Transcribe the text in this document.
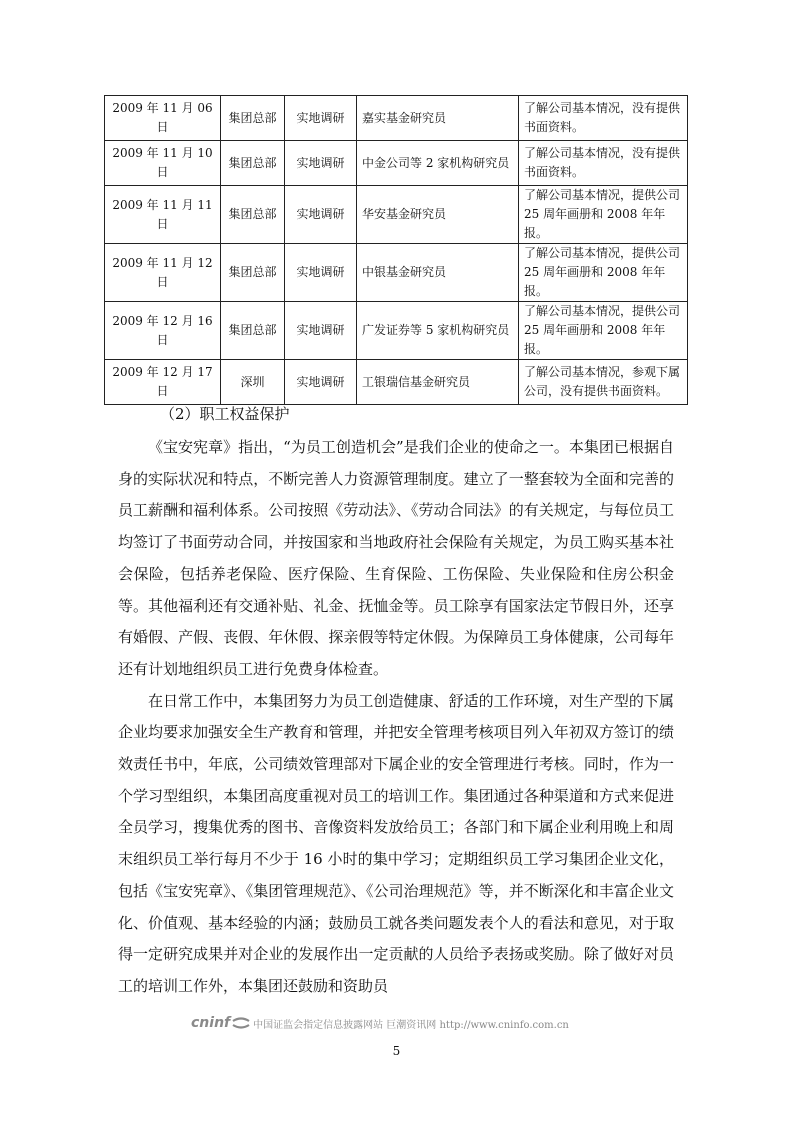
2009 年 11 月 06 日	集团总部	实地调研	嘉实基金研究员	了解公司基本情况，没有提供书面资料。
2009 年 11 月 10 日	集团总部	实地调研	中金公司等 2 家机构研究员	了解公司基本情况，没有提供书面资料。
2009 年 11 月 11 日	集团总部	实地调研	华安基金研究员	了解公司基本情况，提供公司 25 周年画册和 2008 年年报。
2009 年 11 月 12 日	集团总部	实地调研	中银基金研究员	了解公司基本情况，提供公司 25 周年画册和 2008 年年报。
2009 年 12 月 16 日	集团总部	实地调研	广发证券等 5 家机构研究员	了解公司基本情况，提供公司 25 周年画册和 2008 年年报。
2009 年 12 月 17 日	深圳	实地调研	工银瑞信基金研究员	了解公司基本情况，参观下属公司，没有提供书面资料。
（2）职工权益保护

《宝安宪章》指出，“为员工创造机会”是我们企业的使命之一。本集团已根据自身的实际状况和特点，不断完善人力资源管理制度。建立了一整套较为全面和完善的员工薪酬和福利体系。公司按照《劳动法》、《劳动合同法》的有关规定，与每位员工均签订了书面劳动合同，并按国家和当地政府社会保险有关规定，为员工购买基本社会保险，包括养老保险、医疗保险、生育保险、工伤保险、失业保险和住房公积金等。其他福利还有交通补贴、礼金、抚恤金等。员工除享有国家法定节假日外，还享有婚假、产假、丧假、年休假、探亲假等特定休假。为保障员工身体健康，公司每年还有计划地组织员工进行免费身体检查。

在日常工作中，本集团努力为员工创造健康、舒适的工作环境，对生产型的下属企业均要求加强安全生产教育和管理，并把安全管理考核项目列入年初双方签订的绩效责任书中，年底，公司绩效管理部对下属企业的安全管理进行考核。同时，作为一个学习型组织，本集团高度重视对员工的培训工作。集团通过各种渠道和方式来促进全员学习，搜集优秀的图书、音像资料发放给员工；各部门和下属企业利用晚上和周末组织员工举行每月不少于 16 小时的集中学习；定期组织员工学习集团企业文化，包括《宝安宪章》、《集团管理规范》、《公司治理规范》等，并不断深化和丰富企业文化、价值观、基本经验的内涵；鼓励员工就各类问题发表个人的看法和意见，对于取得一定研究成果并对企业的发展作出一定贡献的人员给予表扬或奖励。除了做好对员工的培训工作外，本集团还鼓励和资助员

cninf 中国证监会指定信息披露网站 巨潮资讯网 http://www.cninfo.com.cn
5
